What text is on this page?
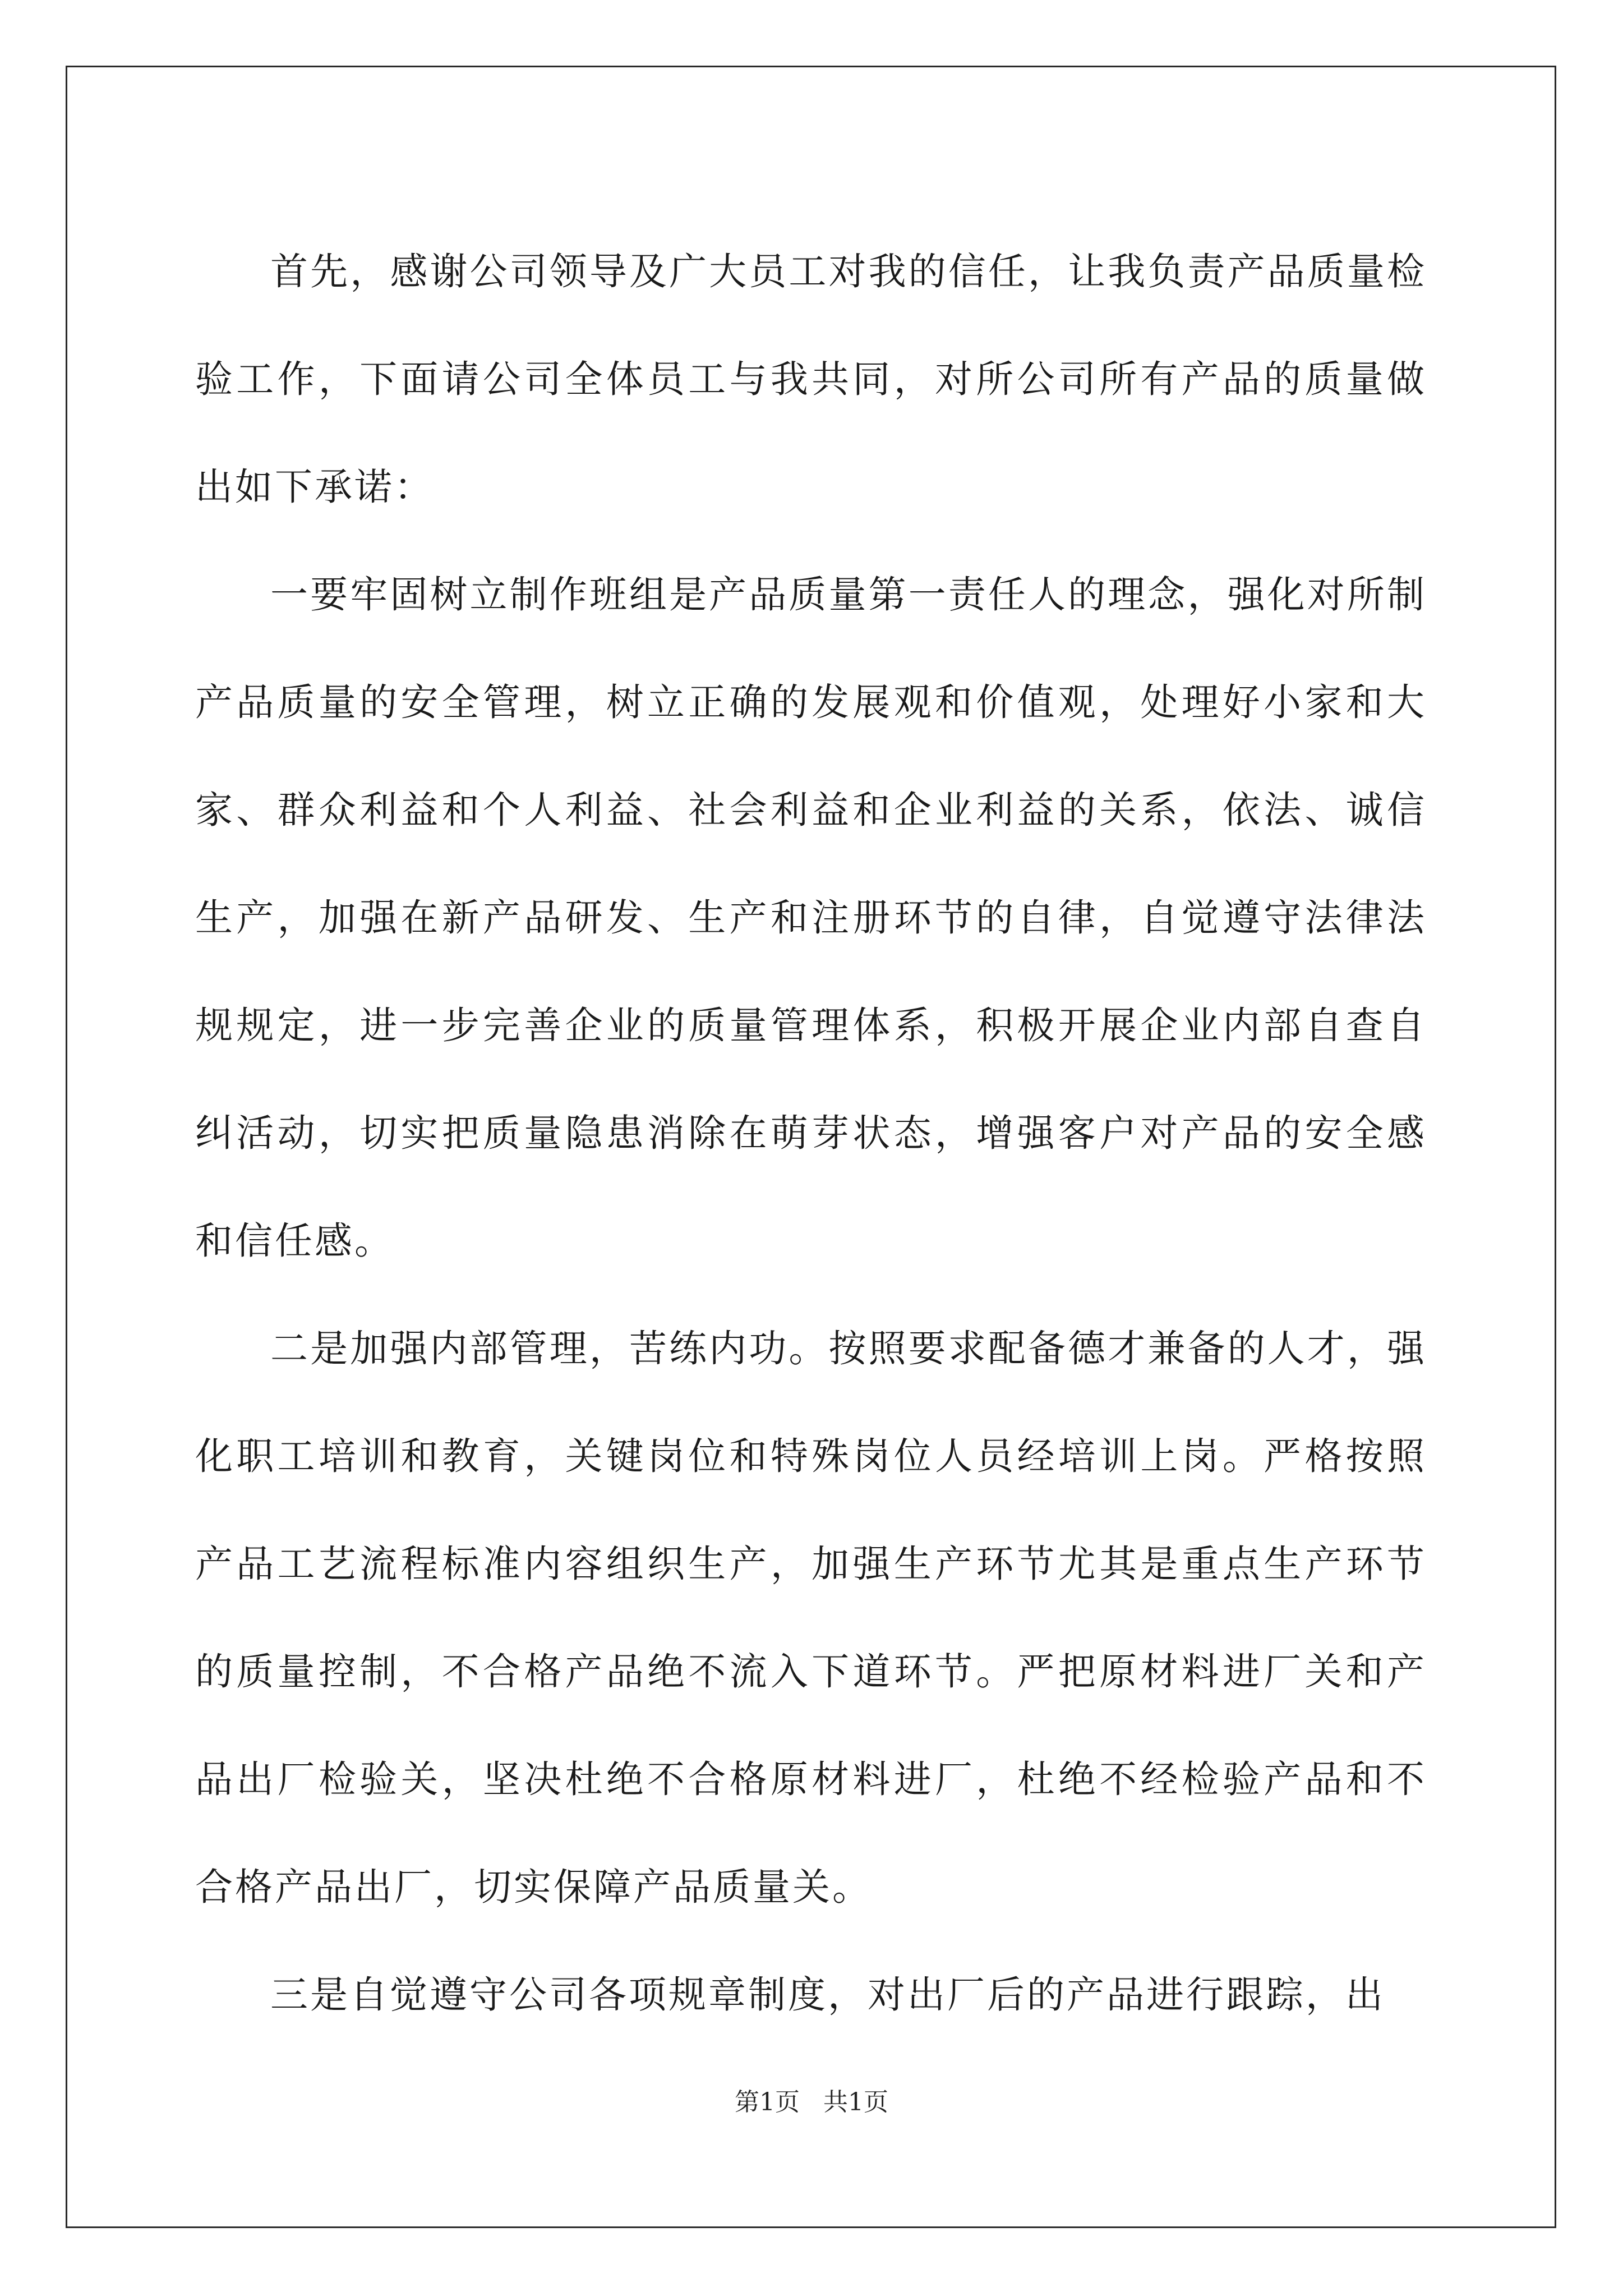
首先，感谢公司领导及广大员工对我的信任，让我负责产品质量检验工作，下面请公司全体员工与我共同，对所公司所有产品的质量做出如下承诺：

一要牢固树立制作班组是产品质量第一责任人的理念，强化对所制产品质量的安全管理，树立正确的发展观和价值观，处理好小家和大家、群众利益和个人利益、社会利益和企业利益的关系，依法、诚信生产，加强在新产品研发、生产和注册环节的自律，自觉遵守法律法规规定，进一步完善企业的质量管理体系，积极开展企业内部自查自纠活动，切实把质量隐患消除在萌芽状态，增强客户对产品的安全感和信任感。

二是加强内部管理，苦练内功。按照要求配备德才兼备的人才，强化职工培训和教育，关键岗位和特殊岗位人员经培训上岗。严格按照产品工艺流程标准内容组织生产，加强生产环节尤其是重点生产环节的质量控制，不合格产品绝不流入下道环节。严把原材料进厂关和产品出厂检验关，坚决杜绝不合格原材料进厂，杜绝不经检验产品和不合格产品出厂，切实保障产品质量关。

三是自觉遵守公司各项规章制度，对出厂后的产品进行跟踪，出

第1页   共1页
